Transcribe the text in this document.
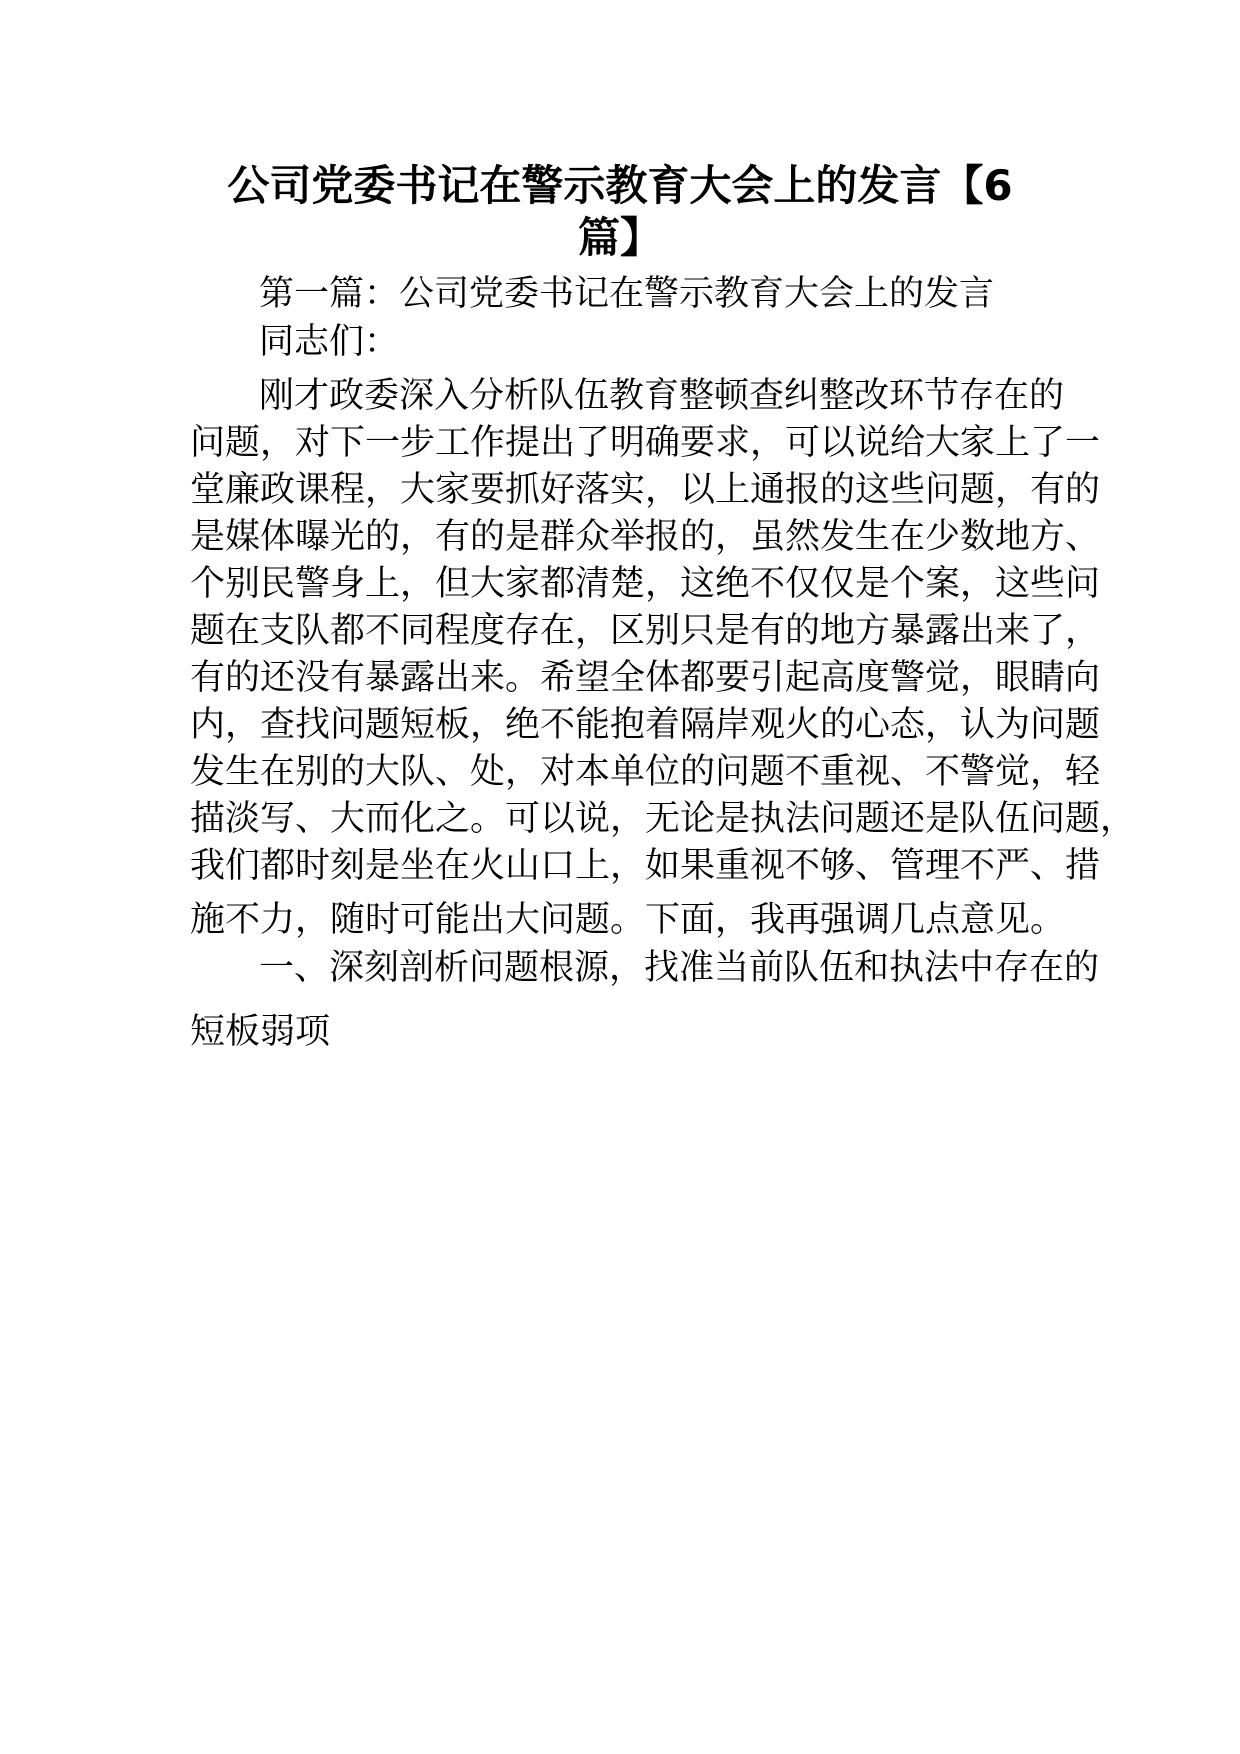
公司党委书记在警示教育大会上的发言【6
篇】

第一篇：公司党委书记在警示教育大会上的发言

同志们：

刚才政委深入分析队伍教育整顿查纠整改环节存在的

问题，对下一步工作提出了明确要求，可以说给大家上了一

堂廉政课程，大家要抓好落实，以上通报的这些问题，有的

是媒体曝光的，有的是群众举报的，虽然发生在少数地方、

个别民警身上，但大家都清楚，这绝不仅仅是个案，这些问

题在支队都不同程度存在，区别只是有的地方暴露出来了，

有的还没有暴露出来。希望全体都要引起高度警觉，眼睛向

内，查找问题短板，绝不能抱着隔岸观火的心态，认为问题

发生在别的大队、处，对本单位的问题不重视、不警觉，轻

描淡写、大而化之。可以说，无论是执法问题还是队伍问题，

我们都时刻是坐在火山口上，如果重视不够、管理不严、措

施不力，随时可能出大问题。下面，我再强调几点意见。

一、深刻剖析问题根源，找准当前队伍和执法中存在的

短板弱项
